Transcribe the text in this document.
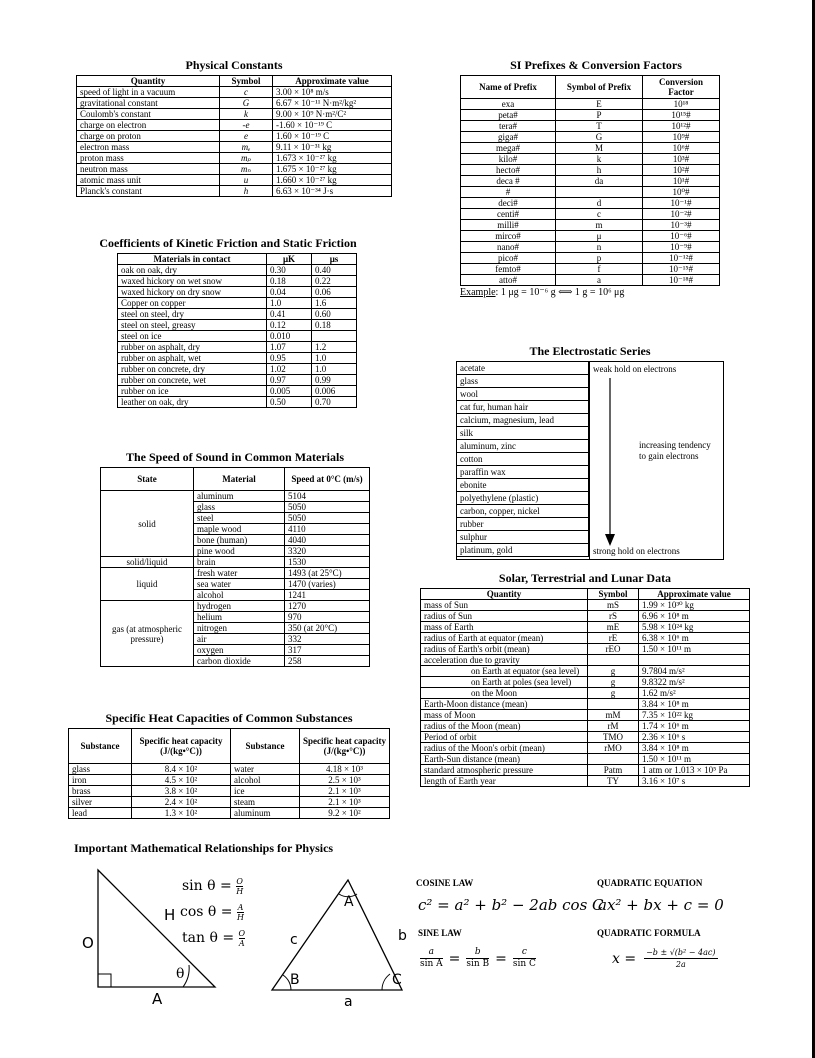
Physical Constants
Quantity	Symbol	Approximate value
speed of light in a vacuum	c	3.00 × 10⁸ m/s
gravitational constant	G	6.67 × 10⁻¹¹ N·m²/kg²
Coulomb's constant	k	9.00 × 10⁹ N·m²/C²
charge on electron	-e	-1.60 × 10⁻¹⁹ C
charge on proton	e	1.60 × 10⁻¹⁹ C
electron mass	mₑ	9.11 × 10⁻³¹ kg
proton mass	mₚ	1.673 × 10⁻²⁷ kg
neutron mass	mₙ	1.675 × 10⁻²⁷ kg
atomic mass unit	u	1.660 × 10⁻²⁷ kg
Planck's constant	h	6.63 × 10⁻³⁴ J·s
Coefficients of Kinetic Friction and Static Friction
Materials in contact	μK	μs
oak on oak, dry	0.30	0.40
waxed hickory on wet snow	0.18	0.22
waxed hickory on dry snow	0.04	0.06
Copper on copper	1.0	1.6
steel on steel, dry	0.41	0.60
steel on steel, greasy	0.12	0.18
steel on ice	0.010	
rubber on asphalt, dry	1.07	1.2
rubber on asphalt, wet	0.95	1.0
rubber on concrete, dry	1.02	1.0
rubber on concrete, wet	0.97	0.99
rubber on ice	0.005	0.006
leather on oak, dry	0.50	0.70
The Speed of Sound in Common Materials
State	Material	Speed at 0°C (m/s)
solid	aluminum	5104
	glass	5050
	steel	5050
	maple wood	4110
	bone (human)	4040
	pine wood	3320
solid/liquid	brain	1530
liquid	fresh water	1493 (at 25°C)
	sea water	1470 (varies)
	alcohol	1241
gas (at atmospheric pressure)	hydrogen	1270
	helium	970
	nitrogen	350 (at 20°C)
	air	332
	oxygen	317
	carbon dioxide	258
Specific Heat Capacities of Common Substances
Substance	Specific heat capacity (J/(kg•°C))	Substance	Specific heat capacity (J/(kg•°C))
glass	8.4 × 10²	water	4.18 × 10³
iron	4.5 × 10²	alcohol	2.5 × 10³
brass	3.8 × 10²	ice	2.1 × 10³
silver	2.4 × 10²	steam	2.1 × 10³
lead	1.3 × 10²	aluminum	9.2 × 10²
SI Prefixes & Conversion Factors
Name of Prefix	Symbol of Prefix	Conversion Factor
exa	E	10¹⁸
peta#	P	10¹⁵#
tera#	T	10¹²#
giga#	G	10⁹#
mega#	M	10⁶#
kilo#	k	10³#
hecto#	h	10²#
deca #	da	10¹#
#		10⁰#
deci#	d	10⁻¹#
centi#	c	10⁻²#
milli#	m	10⁻³#
mirco#	μ	10⁻⁶#
nano#	n	10⁻⁹#
pico#	p	10⁻¹²#
femto#	f	10⁻¹⁵#
atto#	a	10⁻¹⁸#
Example: 1 μg = 10⁻⁶ g ⟺ 1 g = 10⁶ μg
The Electrostatic Series
acetate
glass
wool
cat fur, human hair
calcium, magnesium, lead
silk
aluminum, zinc
cotton
paraffin wax
ebonite
polyethylene (plastic)
carbon, copper, nickel
rubber
sulphur
platinum, gold
weak hold on electrons
increasing tendency to gain electrons
strong hold on electrons
Solar, Terrestrial and Lunar Data
Quantity	Symbol	Approximate value
mass of Sun	mS	1.99 × 10³⁰ kg
radius of Sun	rS	6.96 × 10⁸ m
mass of Earth	mE	5.98 × 10²⁴ kg
radius of Earth at equator (mean)	rE	6.38 × 10⁶ m
radius of Earth's orbit (mean)	rEO	1.50 × 10¹¹ m
acceleration due to gravity		
on Earth at equator (sea level)	g	9.7804 m/s²
on Earth at poles (sea level)	g	9.8322 m/s²
on the Moon	g	1.62 m/s²
Earth-Moon distance (mean)		3.84 × 10⁸ m
mass of Moon	mM	7.35 × 10²² kg
radius of the Moon (mean)	rM	1.74 × 10⁶ m
Period of orbit	TMO	2.36 × 10⁶ s
radius of the Moon's orbit (mean)	rMO	3.84 × 10⁸ m
Earth-Sun distance (mean)		1.50 × 10¹¹ m
standard atmospheric pressure	Patm	1 atm or 1.013 × 10⁵ Pa
length of Earth year	TY	3.16 × 10⁷ s
Important Mathematical Relationships for Physics
O
H
A
θ
$\sin \theta = \frac{O}{H}$
$\cos \theta = \frac{A}{H}$
$\tan \theta = \frac{O}{A}$
A
B	C
a
b
c
COSINE LAW
c² = a² + b² − 2ab cos C
SINE LAW
$\frac{a}{\text{sin A}} = \frac{b}{\text{sin B}} = \frac{c}{\text{sin C}}$
QUADRATIC EQUATION
ax² + bx + c = 0
QUADRATIC FORMULA
$x = \frac{\text{−b ± √(b² − 4ac)}}{2a}$
